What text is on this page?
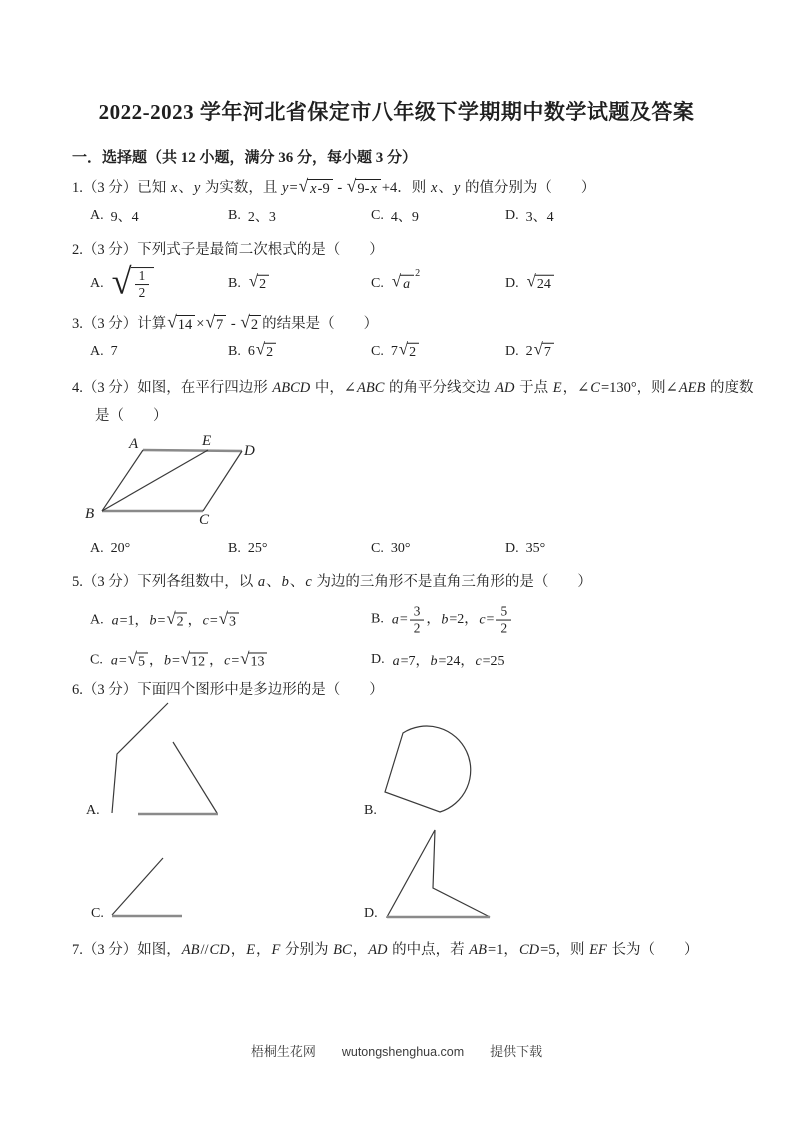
2022-2023 学年河北省保定市八年级下学期期中数学试题及答案
一．选择题（共 12 小题，满分 36 分，每小题 3 分）
1.（3 分）已知 x、y 为实数，且 y= √ x-9 - √ 9-x +4．则 x、y 的值分别为（　　）
A. 9、4	B. 2、3	C. 4、9	D. 3、4
2.（3 分）下列式子是最简二次根式的是（　　）
A. √ $\frac{1}{2}$	B. √ 2	C. √ a
2
D. √ 24
3.（3 分）计算 √ 14 × √ 7 - √ 2 的结果是（　　）
A. 7	B. 6 √ 2	C. 7 √ 2	D. 2 √ 7
4.（3 分）如图，在平行四边形 ABCD 中，∠ABC 的角平分线交边 AD 于点 E，∠C=130°，则∠AEB 的度数
是（　　）
A	E
D
B	C
A. 20°	B. 25°	C. 30°	D. 35°
5.（3 分）下列各组数中，以 a、b、c 为边的三角形不是直角三角形的是（　　）
A. a=1，b= √ 2 ，c= √ 3	B. $a= \frac{3}{2}$ ，b=2，$c= \frac{5}{2}$
C. a= √ 5 ，b= √ 12 ，c= √ 13	D. a=7，b=24，c=25
6.（3 分）下面四个图形中是多边形的是（　　）
A.	B.
C.	D.
7.（3 分）如图，AB//CD，E，F 分别为 BC，AD 的中点，若 AB=1，CD=5，则 EF 长为（　　）
梧桐生花网 wutongshenghua.com 提供下载
